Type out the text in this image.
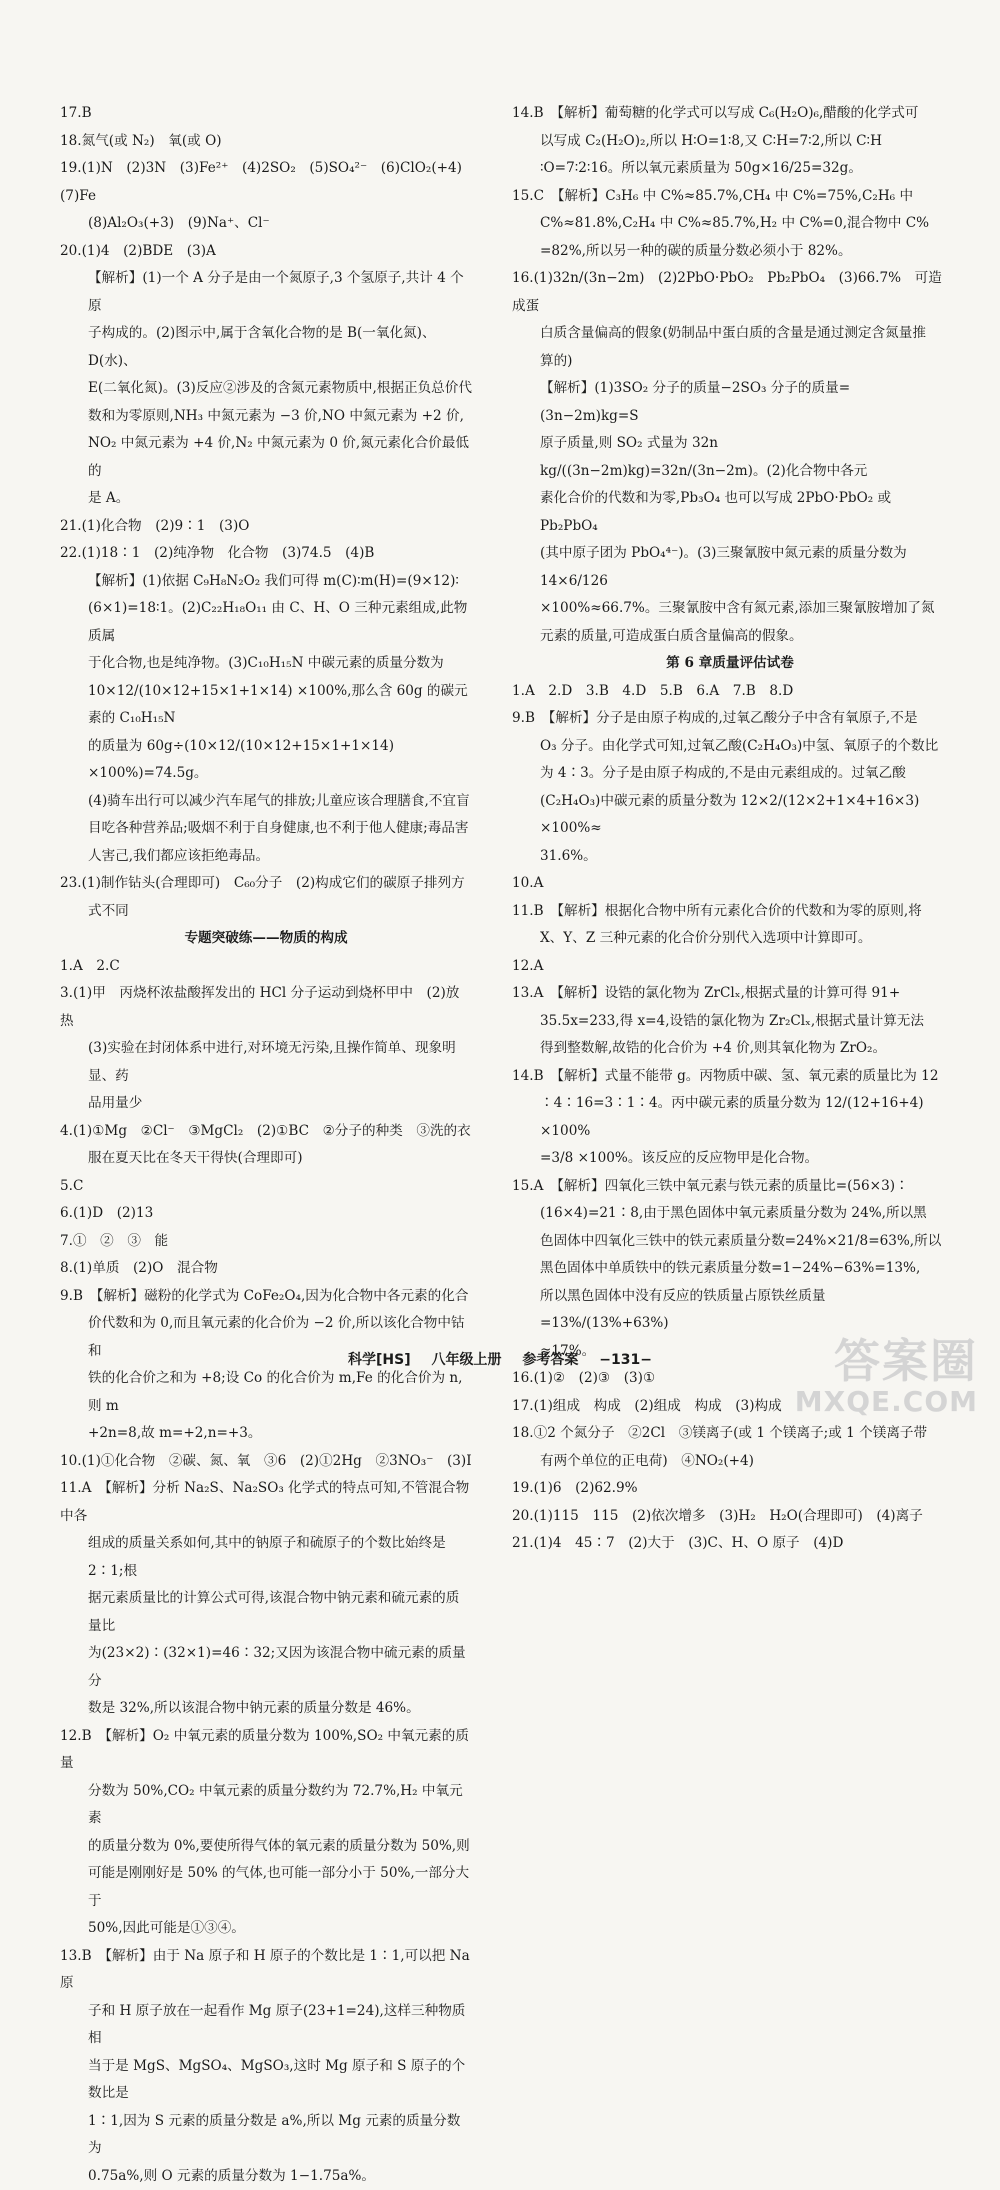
17.B
18.氮气(或 N₂)　氧(或 O)
19.(1)N　(2)3N　(3)Fe²⁺　(4)2SO₂　(5)SO₄²⁻　(6)ClO₂(+4)　(7)Fe
(8)Al₂O₃(+3)　(9)Na⁺、Cl⁻
20.(1)4　(2)BDE　(3)A
【解析】(1)一个 A 分子是由一个氮原子,3 个氢原子,共计 4 个原
子构成的。(2)图示中,属于含氧化合物的是 B(一氧化氮)、D(水)、
E(二氧化氮)。(3)反应②涉及的含氮元素物质中,根据正负总价代
数和为零原则,NH₃ 中氮元素为 −3 价,NO 中氮元素为 +2 价,
NO₂ 中氮元素为 +4 价,N₂ 中氮元素为 0 价,氮元素化合价最低的
是 A。
21.(1)化合物　(2)9∶1　(3)O
22.(1)18∶1　(2)纯净物　化合物　(3)74.5　(4)B
【解析】(1)依据 C₉H₈N₂O₂ 我们可得 m(C)∶m(H)=(9×12)∶
(6×1)=18∶1。(2)C₂₂H₁₈O₁₁ 由 C、H、O 三种元素组成,此物质属
于化合物,也是纯净物。(3)C₁₀H₁₅N 中碳元素的质量分数为
10×12/(10×12+15×1+1×14) ×100%,那么含 60g 的碳元素的 C₁₀H₁₅N
的质量为 60g÷(10×12/(10×12+15×1+1×14) ×100%)=74.5g。
(4)骑车出行可以减少汽车尾气的排放;儿童应该合理膳食,不宜盲
目吃各种营养品;吸烟不利于自身健康,也不利于他人健康;毒品害
人害己,我们都应该拒绝毒品。
23.(1)制作钻头(合理即可)　C₆₀分子　(2)构成它们的碳原子排列方
式不同
专题突破练——物质的构成
1.A　2.C
3.(1)甲　丙烧杯浓盐酸挥发出的 HCl 分子运动到烧杯甲中　(2)放热
(3)实验在封闭体系中进行,对环境无污染,且操作简单、现象明显、药
品用量少
4.(1)①Mg　②Cl⁻　③MgCl₂　(2)①BC　②分子的种类　③洗的衣
服在夏天比在冬天干得快(合理即可)
5.C
6.(1)D　(2)13
7.①　②　③　能
8.(1)单质　(2)O　混合物
9.B　【解析】磁粉的化学式为 CoFe₂O₄,因为化合物中各元素的化合
价代数和为 0,而且氧元素的化合价为 −2 价,所以该化合物中钴和
铁的化合价之和为 +8;设 Co 的化合价为 m,Fe 的化合价为 n,则 m
+2n=8,故 m=+2,n=+3。
10.(1)①化合物　②碳、氮、氧　③6　(2)①2Hg　②3NO₃⁻　(3)I
11.A　【解析】分析 Na₂S、Na₂SO₃ 化学式的特点可知,不管混合物中各
组成的质量关系如何,其中的钠原子和硫原子的个数比始终是 2∶1;根
据元素质量比的计算公式可得,该混合物中钠元素和硫元素的质量比
为(23×2)∶(32×1)=46∶32;又因为该混合物中硫元素的质量分
数是 32%,所以该混合物中钠元素的质量分数是 46%。
12.B　【解析】O₂ 中氧元素的质量分数为 100%,SO₂ 中氧元素的质量
分数为 50%,CO₂ 中氧元素的质量分数约为 72.7%,H₂ 中氧元素
的质量分数为 0%,要使所得气体的氧元素的质量分数为 50%,则
可能是刚刚好是 50% 的气体,也可能一部分小于 50%,一部分大于
50%,因此可能是①③④。
13.B　【解析】由于 Na 原子和 H 原子的个数比是 1∶1,可以把 Na 原
子和 H 原子放在一起看作 Mg 原子(23+1=24),这样三种物质相
当于是 MgS、MgSO₄、MgSO₃,这时 Mg 原子和 S 原子的个数比是
1∶1,因为 S 元素的质量分数是 a%,所以 Mg 元素的质量分数为
0.75a%,则 O 元素的质量分数为 1−1.75a%。
14.B　【解析】葡萄糖的化学式可以写成 C₆(H₂O)₆,醋酸的化学式可
以写成 C₂(H₂O)₂,所以 H∶O=1∶8,又 C∶H=7∶2,所以 C∶H
∶O=7∶2∶16。所以氧元素质量为 50g×16/25=32g。
15.C　【解析】C₃H₆ 中 C%≈85.7%,CH₄ 中 C%=75%,C₂H₆ 中
C%≈81.8%,C₂H₄ 中 C%≈85.7%,H₂ 中 C%=0,混合物中 C%
=82%,所以另一种的碳的质量分数必须小于 82%。
16.(1)32n/(3n−2m)　(2)2PbO·PbO₂　Pb₂PbO₄　(3)66.7%　可造成蛋
白质含量偏高的假象(奶制品中蛋白质的含量是通过测定含氮量推
算的)
【解析】(1)3SO₂ 分子的质量−2SO₃ 分子的质量=(3n−2m)kg=S
原子质量,则 SO₂ 式量为 32n kg/((3n−2m)kg)=32n/(3n−2m)。(2)化合物中各元
素化合价的代数和为零,Pb₃O₄ 也可以写成 2PbO·PbO₂ 或 Pb₂PbO₄
(其中原子团为 PbO₄⁴⁻)。(3)三聚氰胺中氮元素的质量分数为 14×6/126
×100%≈66.7%。三聚氰胺中含有氮元素,添加三聚氰胺增加了氮
元素的质量,可造成蛋白质含量偏高的假象。
第 6 章质量评估试卷
1.A　2.D　3.B　4.D　5.B　6.A　7.B　8.D
9.B　【解析】分子是由原子构成的,过氧乙酸分子中含有氧原子,不是
O₃ 分子。由化学式可知,过氧乙酸(C₂H₄O₃)中氢、氧原子的个数比
为 4∶3。分子是由原子构成的,不是由元素组成的。过氧乙酸
(C₂H₄O₃)中碳元素的质量分数为 12×2/(12×2+1×4+16×3) ×100%≈
31.6%。
10.A
11.B　【解析】根据化合物中所有元素化合价的代数和为零的原则,将
X、Y、Z 三种元素的化合价分别代入选项中计算即可。
12.A
13.A　【解析】设锆的氯化物为 ZrClₓ,根据式量的计算可得 91+
35.5x=233,得 x=4,设锆的氯化物为 Zr₂Clₓ,根据式量计算无法
得到整数解,故锆的化合价为 +4 价,则其氧化物为 ZrO₂。
14.B　【解析】式量不能带 g。丙物质中碳、氢、氧元素的质量比为 12
∶4∶16=3∶1∶4。丙中碳元素的质量分数为 12/(12+16+4) ×100%
=3/8 ×100%。该反应的反应物甲是化合物。
15.A　【解析】四氧化三铁中氧元素与铁元素的质量比=(56×3)∶
(16×4)=21∶8,由于黑色固体中氧元素质量分数为 24%,所以黑
色固体中四氧化三铁中的铁元素质量分数=24%×21/8=63%,所以
黑色固体中单质铁中的铁元素质量分数=1−24%−63%=13%,
所以黑色固体中没有反应的铁质量占原铁丝质量=13%/(13%+63%)
≈17%。
16.(1)②　(2)③　(3)①
17.(1)组成　构成　(2)组成　构成　(3)构成
18.①2 个氮分子　②2Cl　③镁离子(或 1 个镁离子;或 1 个镁离子带
有两个单位的正电荷)　④NO₂(+4)
19.(1)6　(2)62.9%
20.(1)115　115　(2)依次增多　(3)H₂　H₂O(合理即可)　(4)离子
21.(1)4　45∶7　(2)大于　(3)C、H、O 原子　(4)D
科学[HS] 八年级上册 参考答案 −131−	答案圈
MXQE.COM
